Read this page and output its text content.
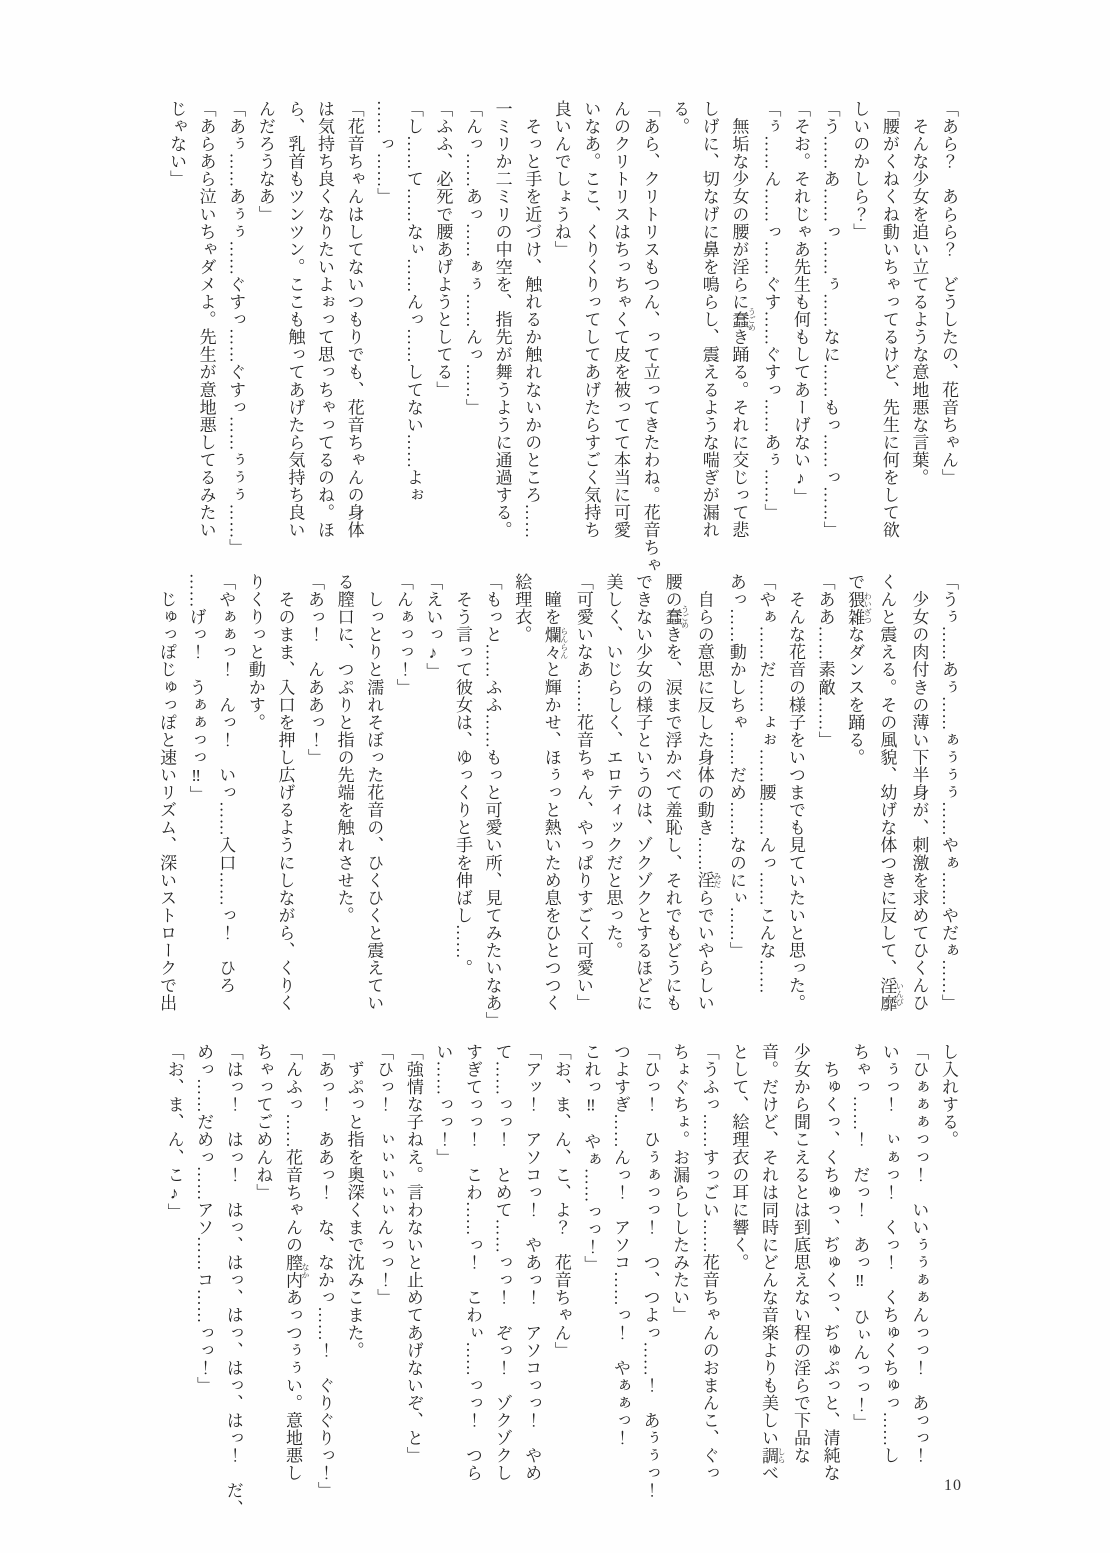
「あら？　あらら？　どうしたの、花音ちゃん」
　そんな少女を追い立てるような意地悪な言葉。
「腰がくねくね動いちゃってるけど、先生に何をして欲
しいのかしら？」
「う……あ……っ……ぅ……なに……もっ……っ……」
「そお。それじゃあ先生も何もしてあーげない♪」
「ぅ……ん……っ……ぐす……ぐすっ……あぅ……」
　無垢な少女の腰が淫らに蠢 うごめき踊る。それに交じって悲
しげに、切なげに鼻を鳴らし、震えるような喘ぎが漏れ
る。
「あら、クリトリスもつん、って立ってきたわね。花音ちゃ
んのクリトリスはちっちゃくて皮を被ってて本当に可愛
いなあ。ここ、くりくりってしてあげたらすごく気持ち
良いんでしょうね」
　そっと手を近づけ、触れるか触れないかのところ……
一ミリか二ミリの中空を、指先が舞うように通過する。
「んっ……あっ……ぁぅ……んっ……」
「ふふ、必死で腰あげようとしてる」
「し……て……なぃ……んっ……してない……よぉ
……っ……」
「花音ちゃんはしてないつもりでも、花音ちゃんの身体
は気持ち良くなりたいよぉって思っちゃってるのね。ほ
ら、乳首もツンツン。ここも触ってあげたら気持ち良い
んだろうなあ」
「あぅ……あぅぅ……ぐすっ……ぐすっ……ぅぅぅ……」
「あらあら泣いちゃダメよ。先生が意地悪してるみたい
じゃない」
「うぅ……あぅ……ぁぅぅぅ……やぁ……やだぁ……」
　少女の肉付きの薄い下半身が、刺激を求めてひくんひ
くんと震える。その風貌、幼げな体つきに反して、淫靡 いんび
で猥雑 わいざつなダンスを踊る。
「ああ……素敵……」
　そんな花音の様子をいつまでも見ていたいと思った。
「やぁ……だ……ょぉ……腰……んっ……こんな……
あっ……動かしちゃ……だめ……なのにぃ……」
　自らの意思に反した身体の動き……淫 みだらでいやらしい
腰の蠢 うごめきを、涙まで浮かべて羞恥し、それでもどうにも
できない少女の様子というのは、ゾクゾクとするほどに
美しく、いじらしく、エロティックだと思った。
「可愛いなあ……花音ちゃん、やっぱりすごく可愛い」
　瞳を爛々 らんらんと輝かせ、ほぅっと熱いため息をひとつつく
絵理衣。
「もっと……ふふ……もっと可愛い所、見てみたいなあ」
　そう言って彼女は、ゆっくりと手を伸ばし……。
「えいっ♪」
「んぁっっ！」
　しっとりと濡れそぼった花音の、ひくひくと震えてい
る膣口に、つぷりと指の先端を触れさせた。
「あっ！　んああっ！」
　そのまま、入口を押し広げるようにしながら、くりく
りくりっと動かす。
「やぁぁっ！　んっ！　いっ……入口……っ！　ひろ
……げっ！　うぁぁっっ‼」
　じゅっぽじゅっぽと速いリズム、深いストロークで出
し入れする。
「ひぁぁぁっっ！　いいぅぅぁぁんっっ！　あっっ！
いぅっ！　ぃぁっ！　くっ！　くちゅくちゅっ……し
ちゃっ……！　だっ！　あっ‼　ひぃんっっ！」
　ちゅくっ、くちゅっ、ぢゅくっ、ぢゅぷっと、清純な
少女から聞こえるとは到底思えない程の淫らで下品な
音。だけど、それは同時にどんな音楽よりも美しい調 しらべ
として、絵理衣の耳に響く。
「うふっ……すっごい……花音ちゃんのおまんこ、ぐっ
ちょぐちょ。お漏らししたみたい」
「ひっ！　ひぅぁっっ！　つ、つよっ……！　あぅぅっ！
つよすぎ……んっ！　アソコ……っ！　やぁぁっ！
これっ‼　やぁ……っっ！」
「お、ま、ん、こ、よ？　花音ちゃん」
「アッ！　アソコっ！　やあっ！　アソコっっ！　やめ
て……っっ！　とめて……っっ！　ぞっ！　ゾクゾクし
すぎてっっ！　こわ……っ！　こわぃ……っっ！　つら
い……っっ！」
「強情な子ねえ。言わないと止めてあげないぞ、と」
「ひっ！　ぃぃぃぃぃんっっ！」
　ずぷっと指を奥深くまで沈みこまた。
「あっ！　ああっ！　な、なかっ……！　ぐりぐりっ！」
「んふっ……花音ちゃんの膣内 なかあっつぅぅい。意地悪し
ちゃってごめんね」
「はっ！　はっ！　はっ、はっ、はっ、はっ、はっ！　だ、
めっ……だめっ……アソ……コ……っっ！」
「お、ま、ん、こ♪」
10
